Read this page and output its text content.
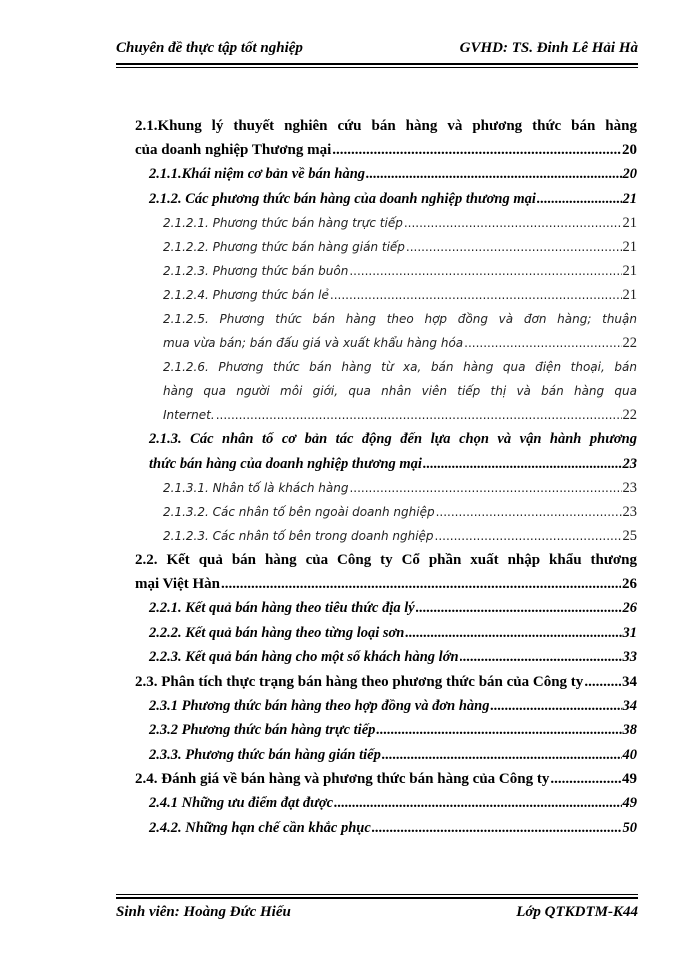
Chuyên đề thực tập tốt nghiệp	GVHD: TS. Đinh Lê Hải Hà
2.1.Khung lý thuyết nghiên cứu bán hàng và phương thức bán hàng
của doanh nghiệp Thương mại .....	20
2.1.1.Khái niệm cơ bản về bán hàng .....	20
2.1.2. Các phương thức bán hàng của doanh nghiệp thương mại .....	21
2.1.2.1. Phương thức bán hàng trực tiếp .....	21
2.1.2.2. Phương thức bán hàng gián tiếp .....	21
2.1.2.3. Phương thức bán buôn .....	21
2.1.2.4. Phương thức bán lẻ .....	21
2.1.2.5. Phương thức bán hàng theo hợp đồng và đơn hàng; thuận
mua vừa bán; bán đấu giá và xuất khẩu hàng hóa .....	22
2.1.2.6. Phương thức bán hàng từ xa, bán hàng qua điện thoại, bán
hàng qua người môi giới, qua nhân viên tiếp thị và bán hàng qua
Internet. .....	22
2.1.3. Các nhân tố cơ bản tác động đến lựa chọn và vận hành phương
thức bán hàng của doanh nghiệp thương mại .....	23
2.1.3.1. Nhân tố là khách hàng .....	23
2.1.3.2. Các nhân tố bên ngoài doanh nghiệp .....	23
2.1.2.3. Các nhân tố bên trong doanh nghiệp .....	25
2.2. Kết quả bán hàng của Công ty Cổ phần xuất nhập khẩu thương
mại Việt Hàn .....	26
2.2.1. Kết quả bán hàng theo tiêu thức địa lý .....	26
2.2.2. Kết quả bán hàng theo từng loại sơn .....	31
2.2.3. Kết quả bán hàng cho một số khách hàng lớn .....	33
2.3. Phân tích thực trạng bán hàng theo phương thức bán của Công ty .....	34
2.3.1 Phương thức bán hàng theo hợp đồng và đơn hàng .....	34
2.3.2 Phương thức bán hàng trực tiếp .....	38
2.3.3. Phương thức bán hàng gián tiếp .....	40
2.4. Đánh giá về bán hàng và phương thức bán hàng của Công ty .....	49
2.4.1 Những ưu điểm đạt được .....	49
2.4.2. Những hạn chế cần khắc phục .....	50
Sinh viên: Hoàng Đức Hiếu	Lớp QTKDTM-K44
